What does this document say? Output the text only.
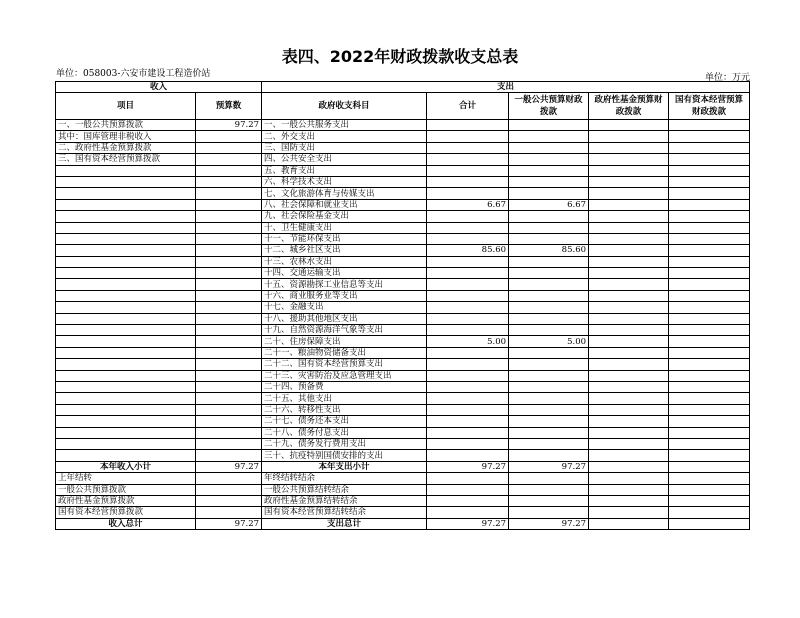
表四、2022年财政拨款收支总表
单位：058003-六安市建设工程造价站	单位：万元
收入		支出				
项目	预算数	政府收支科目	合计	一般公共预算财政拨款	政府性基金预算财政拨款	国有资本经营预算财政拨款
一、一般公共预算拨款	97.27	一、一般公共服务支出				
其中：国库管理非税收入		二、外交支出				
二、政府性基金预算拨款		三、国防支出				
三、国有资本经营预算拨款		四、公共安全支出				
		五、教育支出				
		六、科学技术支出				
		七、文化旅游体育与传媒支出				
		八、社会保障和就业支出	6.67	6.67		
		九、社会保险基金支出				
		十、卫生健康支出				
		十一、节能环保支出				
		十二、城乡社区支出	85.60	85.60		
		十三、农林水支出				
		十四、交通运输支出				
		十五、资源勘探工业信息等支出				
		十六、商业服务业等支出				
		十七、金融支出				
		十八、援助其他地区支出				
		十九、自然资源海洋气象等支出				
		二十、住房保障支出	5.00	5.00		
		二十一、粮油物资储备支出				
		二十二、国有资本经营预算支出				
		二十三、灾害防治及应急管理支出				
		二十四、预备费				
		二十五、其他支出				
		二十六、转移性支出				
		二十七、债务还本支出				
		二十八、债务付息支出				
		二十九、债务发行费用支出				
		三十、抗疫特别国债安排的支出				
本年收入小计	97.27	本年支出小计	97.27	97.27		
上年结转		年终结转结余				
一般公共预算拨款		一般公共预算结转结余				
政府性基金预算拨款		政府性基金预算结转结余				
国有资本经营预算拨款		国有资本经营预算结转结余				
收入总计	97.27	支出总计	97.27	97.27		
